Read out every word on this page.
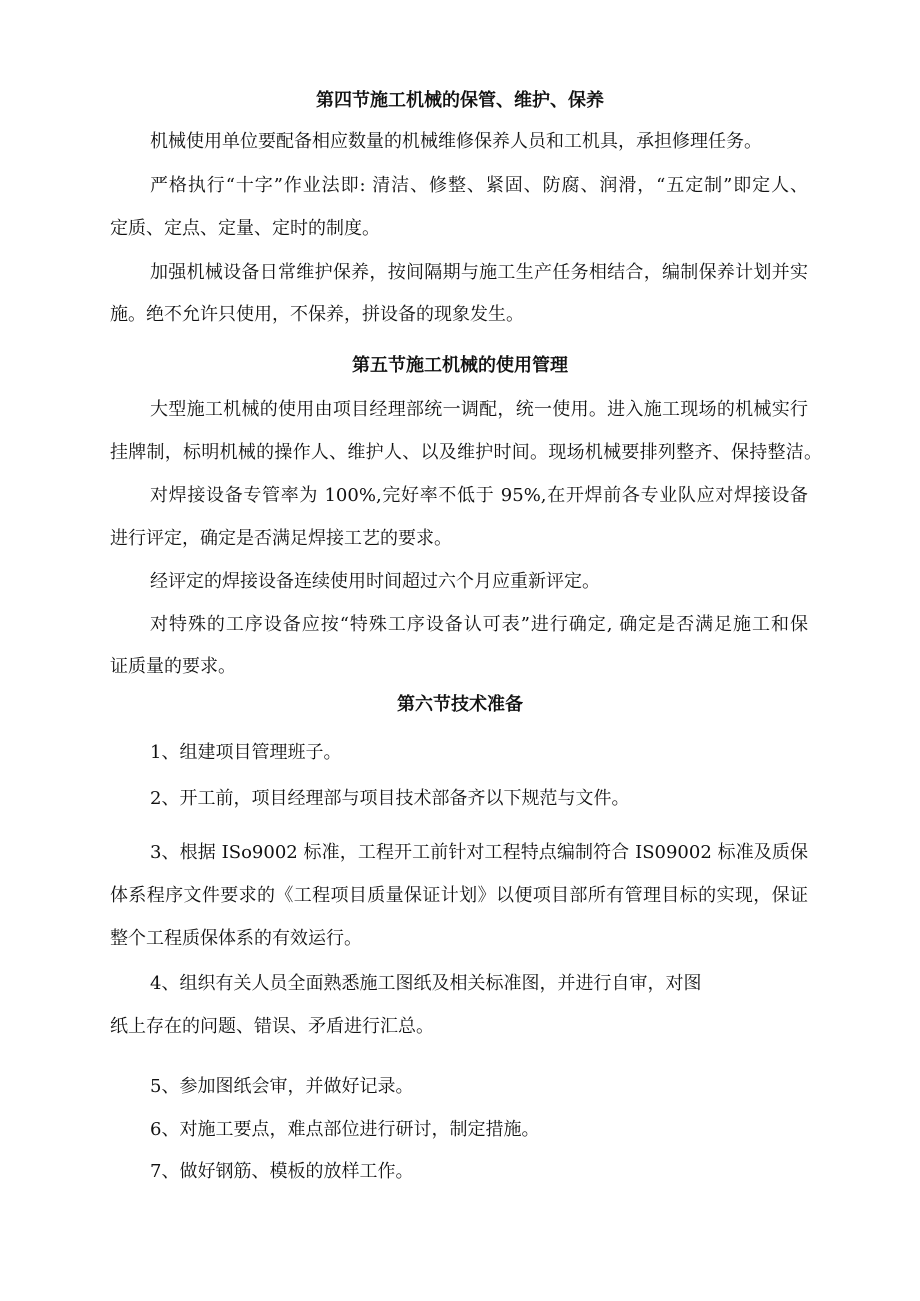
第四节施工机械的保管、维护、保养
机械使用单位要配备相应数量的机械维修保养人员和工机具，承担修理任务。
严格执行“十字”作业法即: 清洁、修整、紧固、防腐、润滑，“五定制”即定人、
定质、定点、定量、定时的制度。
加强机械设备日常维护保养，按间隔期与施工生产任务相结合，编制保养计划并实
施。绝不允许只使用，不保养，拼设备的现象发生。
第五节施工机械的使用管理
大型施工机械的使用由项目经理部统一调配，统一使用。进入施工现场的机械实行
挂牌制，标明机械的操作人、维护人、以及维护时间。现场机械要排列整齐、保持整洁。
对焊接设备专管率为 100%,完好率不低于 95%,在开焊前各专业队应对焊接设备
进行评定，确定是否满足焊接工艺的要求。
经评定的焊接设备连续使用时间超过六个月应重新评定。
对特殊的工序设备应按“特殊工序设备认可表”进行确定, 确定是否满足施工和保
证质量的要求。
第六节技术准备
1、组建项目管理班子。
2、开工前，项目经理部与项目技术部备齐以下规范与文件。
3、根据 ISo9002 标准，工程开工前针对工程特点编制符合 IS09002 标准及质保
体系程序文件要求的《工程项目质量保证计划》以便项目部所有管理目标的实现，保证
整个工程质保体系的有效运行。
4、组织有关人员全面熟悉施工图纸及相关标准图，并进行自审，对图
纸上存在的问题、错误、矛盾进行汇总。
5、参加图纸会审，并做好记录。
6、对施工要点，难点部位进行研讨，制定措施。
7、做好钢筋、模板的放样工作。
